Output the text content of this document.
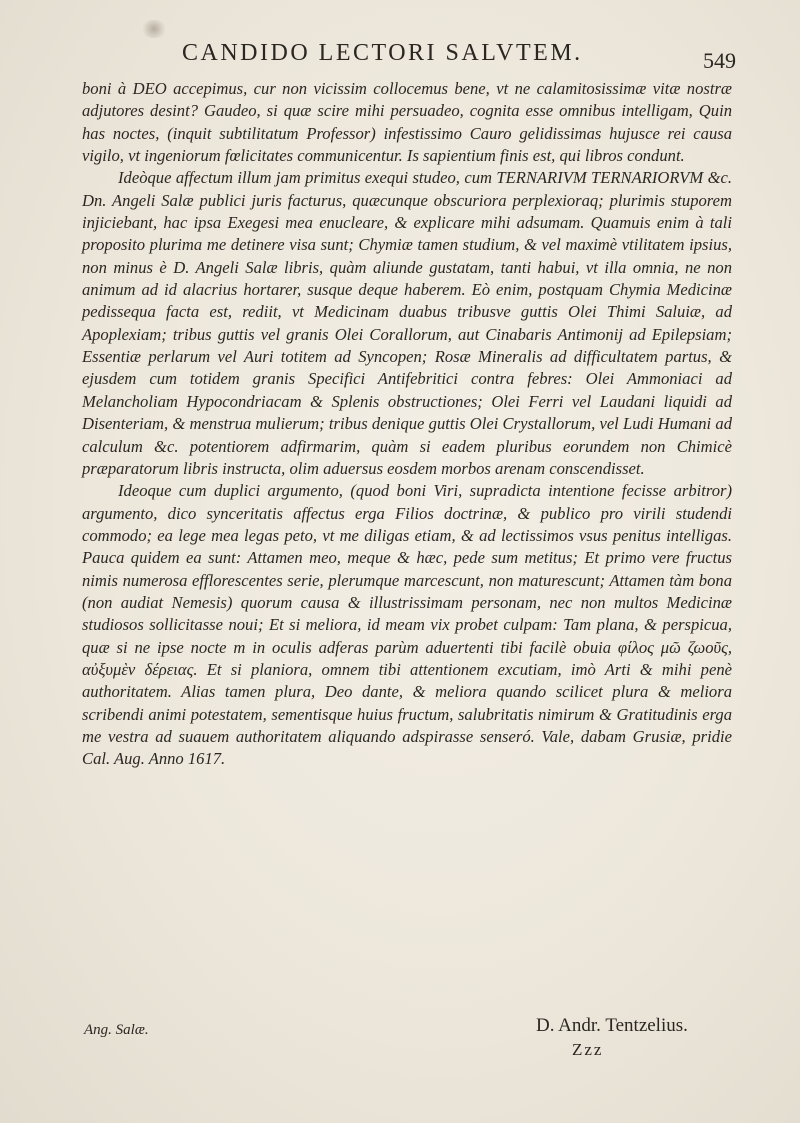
CANDIDO LECTORI SALVTEM.	549

boni à DEO accepimus, cur non vicissim collocemus bene, vt ne calamitosissimæ vitæ nostræ adjutores desint? Gaudeo, si quæ scire mihi persuadeo, cognita esse omnibus intelligam, Quin has noctes, (inquit subtilitatum Professor) infestissimo Cauro gelidissimas hujusce rei causa vigilo, vt ingeniorum fœlicitates communicentur. Is sapientium finis est, qui libros condunt.

Ideòque affectum illum jam primitus exequi studeo, cum TERNARIVM TERNARIORVM &c. Dn. Angeli Salæ publici juris facturus, quæcunque obscuriora perplexioraq; plurimis stuporem injiciebant, hac ipsa Exegesi mea enucleare, & explicare mihi adsumam. Quamuis enim à tali proposito plurima me detinere visa sunt; Chymiæ tamen studium, & vel maximè vtilitatem ipsius, non minus è D. Angeli Salæ libris, quàm aliunde gustatam, tanti habui, vt illa omnia, ne non animum ad id alacrius hortarer, susque deque haberem. Eò enim, postquam Chymia Medicinæ pedissequa facta est, rediit, vt Medicinam duabus tribusve guttis Olei Thimi Saluiæ, ad Apoplexiam; tribus guttis vel granis Olei Corallorum, aut Cinabaris Antimonij ad Epilepsiam; Essentiæ perlarum vel Auri totitem ad Syncopen; Rosæ Mineralis ad difficultatem partus, & ejusdem cum totidem granis Specifici Antifebritici contra febres: Olei Ammoniaci ad Melancholiam Hypocondriacam & Splenis obstructiones; Olei Ferri vel Laudani liquidi ad Disenteriam, & menstrua mulierum; tribus denique guttis Olei Crystallorum, vel Ludi Humani ad calculum &c. potentiorem adfirmarim, quàm si eadem pluribus eorundem non Chimicè præparatorum libris instructa, olim aduersus eosdem morbos arenam conscendisset.

Ideoque cum duplici argumento, (quod boni Viri, supradicta intentione fecisse arbitror) argumento, dico synceritatis affectus erga Filios doctrinæ, & publico pro virili studendi commodo; ea lege mea legas peto, vt me diligas etiam, & ad lectissimos vsus penitus intelligas. Pauca quidem ea sunt: Attamen meo, meque & hæc, pede sum metitus; Et primo vere fructus nimis numerosa efflorescentes serie, plerumque marcescunt, non maturescunt; Attamen tàm bona (non audiat Nemesis) quorum causa & illustrissimam personam, nec non multos Medicinæ studiosos sollicitasse noui; Et si meliora, id meam vix probet culpam: Tam plana, & perspicua, quæ si ne ipse nocte m in oculis adferas parùm aduertenti tibi facilè obuia φίλος μῶ ζωοῦς, αὐξυμὲν δέρειας. Et si planiora, omnem tibi attentionem excutiam, imò Arti & mihi penè authoritatem. Alias tamen plura, Deo dante, & meliora quando scilicet plura & meliora scribendi animi potestatem, sementisque huius fructum, salubritatis nimirum & Gratitudinis erga me vestra ad suauem authoritatem aliquando adspirasse senseró. Vale, dabam Grusiæ, pridie Cal. Aug. Anno 1617.

D. Andr. Tentzelius.
Ang. Salæ.
Zzz
